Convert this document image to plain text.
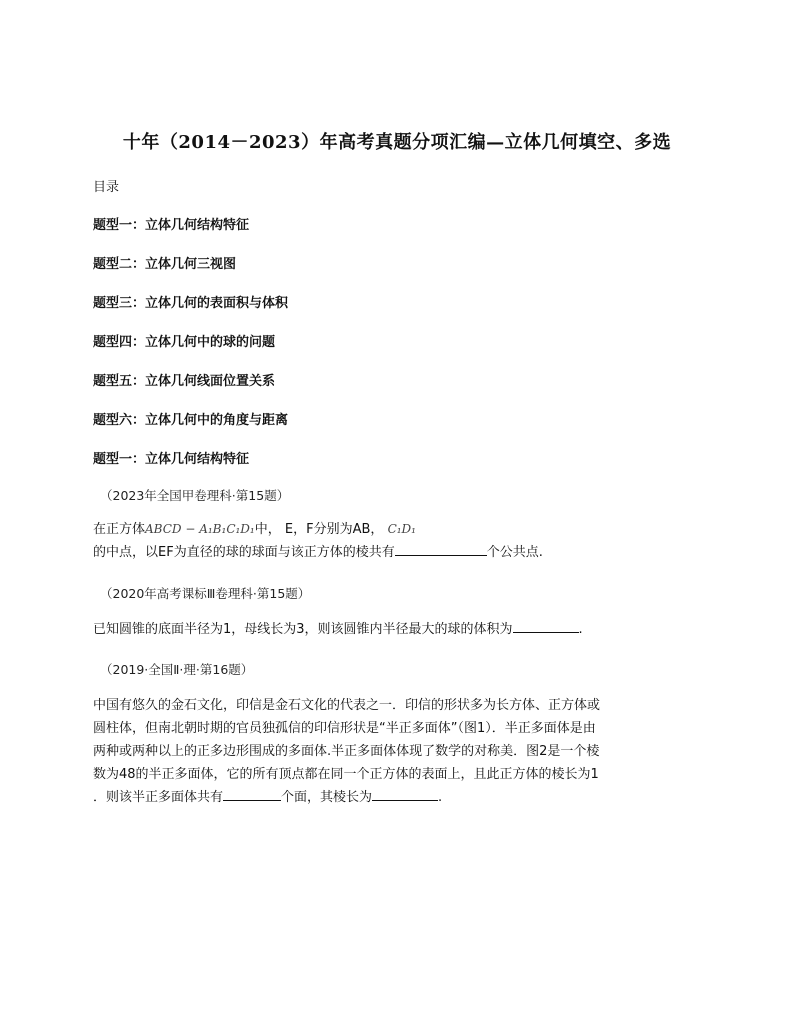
十年（2014－2023）年高考真题分项汇编—立体几何填空、多选
目录
题型一：立体几何结构特征
题型二：立体几何三视图
题型三：立体几何的表面积与体积
题型四：立体几何中的球的问题
题型五：立体几何线面位置关系
题型六：立体几何中的角度与距离
题型一：立体几何结构特征
（2023年全国甲卷理科·第15题）
在正方体ABCD − A₁B₁C₁D₁中， E，F分别为AB， C₁D₁
的中点，以EF为直径的球的球面与该正方体的棱共有	个公共点.
（2020年高考课标Ⅲ卷理科·第15题）
已知圆锥的底面半径为1，母线长为3，则该圆锥内半径最大的球的体积为	.
（2019·全国Ⅱ·理·第16题）
中国有悠久的金石文化，印信是金石文化的代表之一．印信的形状多为长方体、正方体或
圆柱体，但南北朝时期的官员独孤信的印信形状是“半正多面体”（图1）．半正多面体是由
两种或两种以上的正多边形围成的多面体.半正多面体体现了数学的对称美．图2是一个棱
数为48的半正多面体，它的所有顶点都在同一个正方体的表面上，且此正方体的棱长为1
．则该半正多面体共有	个面，其棱长为	.
